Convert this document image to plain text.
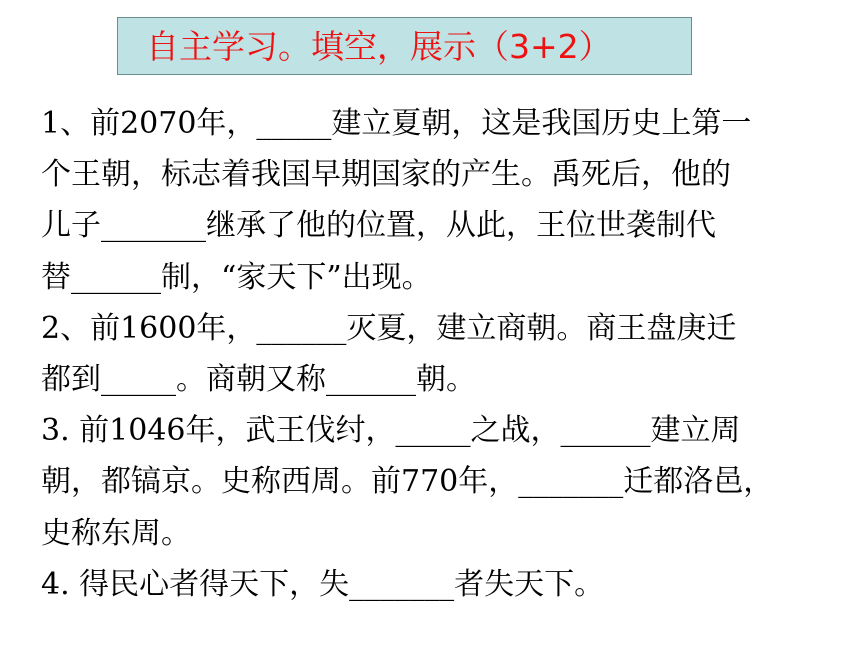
自主学习。填空，展示（3+2）
1、前2070年，_____建立夏朝，这是我国历史上第一
个王朝，标志着我国早期国家的产生。禹死后，他的
儿子_______继承了他的位置，从此，王位世袭制代
替______制，“家天下”出现。
2、前1600年，______灭夏，建立商朝。商王盘庚迁
都到_____。商朝又称______朝。
3. 前1046年，武王伐纣，_____之战，______建立周
朝，都镐京。史称西周。前770年，_______迁都洛邑，
史称东周。
4. 得民心者得天下，失_______者失天下。
